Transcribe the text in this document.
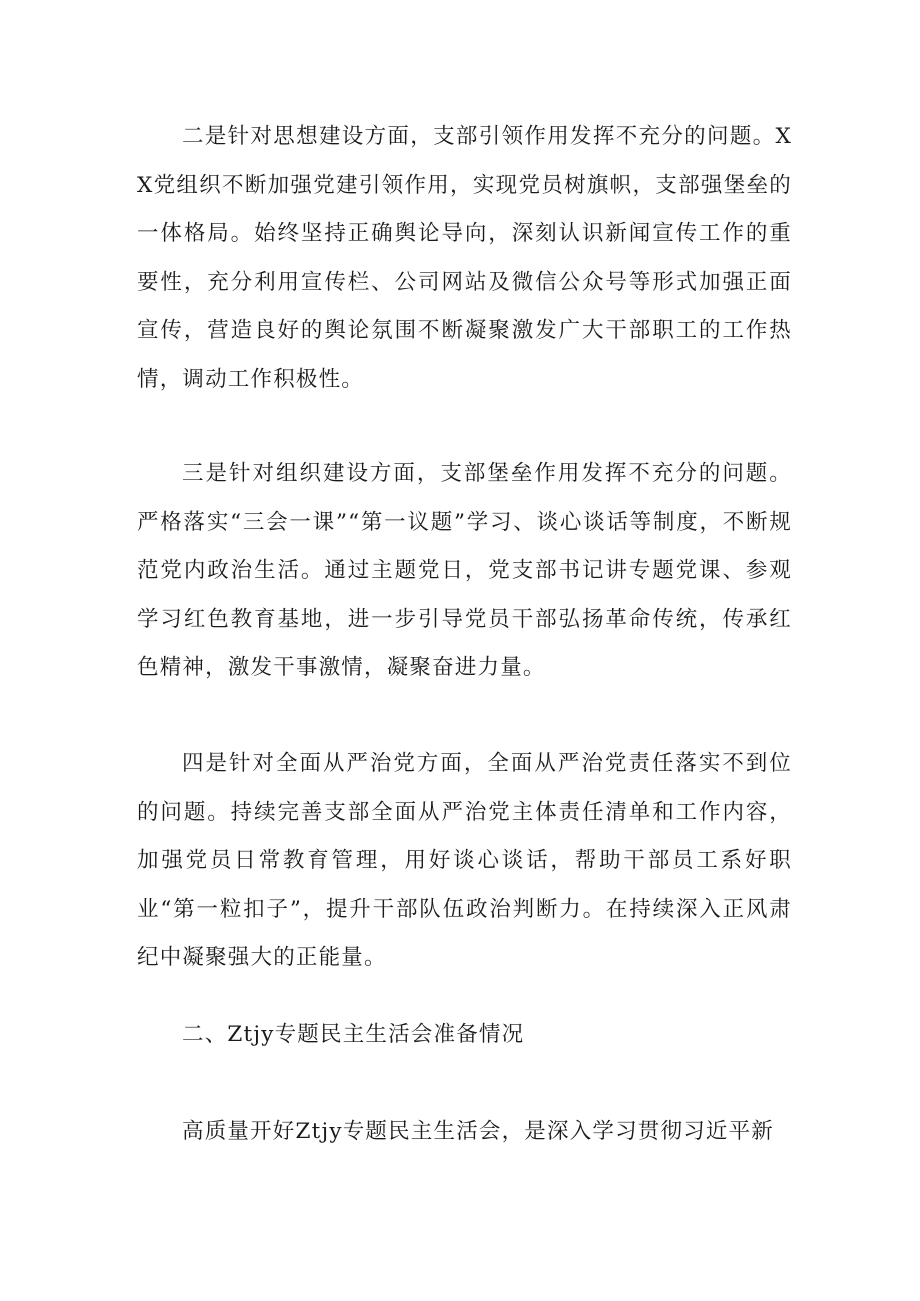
二是针对思想建设方面，支部引领作用发挥不充分的问题。XX党组织不断加强党建引领作用，实现党员树旗帜，支部强堡垒的一体格局。始终坚持正确舆论导向，深刻认识新闻宣传工作的重要性，充分利用宣传栏、公司网站及微信公众号等形式加强正面宣传，营造良好的舆论氛围不断凝聚激发广大干部职工的工作热情，调动工作积极性。

三是针对组织建设方面，支部堡垒作用发挥不充分的问题。严格落实“三会一课”“第一议题”学习、谈心谈话等制度，不断规范党内政治生活。通过主题党日，党支部书记讲专题党课、参观学习红色教育基地，进一步引导党员干部弘扬革命传统，传承红色精神，激发干事激情，凝聚奋进力量。

四是针对全面从严治党方面，全面从严治党责任落实不到位的问题。持续完善支部全面从严治党主体责任清单和工作内容，加强党员日常教育管理，用好谈心谈话，帮助干部员工系好职业“第一粒扣子”，提升干部队伍政治判断力。在持续深入正风肃纪中凝聚强大的正能量。

二、Ztjy专题民主生活会准备情况

高质量开好Ztjy专题民主生活会，是深入学习贯彻习近平新
